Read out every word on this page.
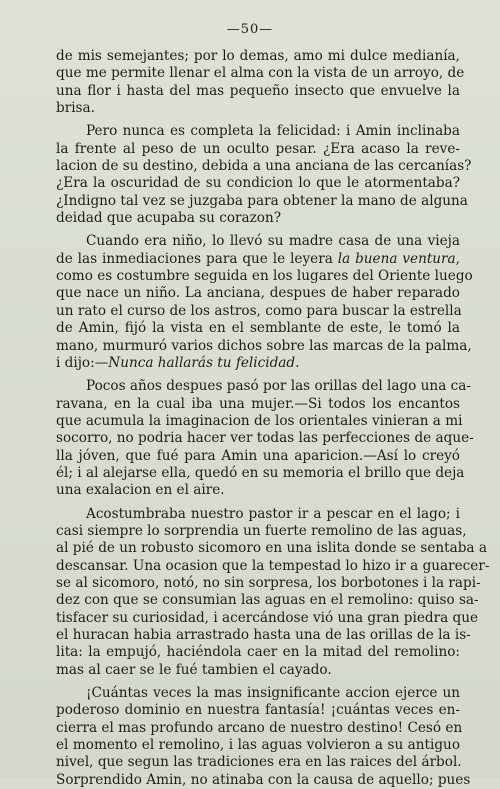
—50—
de mis semejantes; por lo demas, amo mi dulce medianía,
que me permite llenar el alma con la vista de un arroyo, de
una flor i hasta del mas pequeño insecto que envuelve la
brisa.
Pero nunca es completa la felicidad: i Amin inclinaba
la frente al peso de un oculto pesar. ¿Era acaso la reve-
lacion de su destino, debida a una anciana de las cercanías?
¿Era la oscuridad de su condicion lo que le atormentaba?
¿Indigno tal vez se juzgaba para obtener la mano de alguna
deidad que acupaba su corazon?
Cuando era niño, lo llevó su madre casa de una vieja
de las inmediaciones para que le leyera la buena ventura,
como es costumbre seguida en los lugares del Oriente luego
que nace un niño. La anciana, despues de haber reparado
un rato el curso de los astros, como para buscar la estrella
de Amin, fijó la vista en el semblante de este, le tomó la
mano, murmuró varios dichos sobre las marcas de la palma,
i dijo:—Nunca hallarás tu felicidad.
Pocos años despues pasó por las orillas del lago una ca-
ravana, en la cual iba una mujer.—Si todos los encantos
que acumula la imaginacion de los orientales vinieran a mi
socorro, no podria hacer ver todas las perfecciones de aque-
lla jóven, que fué para Amin una aparicion.—Así lo creyó
él; i al alejarse ella, quedó en su memoria el brillo que deja
una exalacion en el aire.
Acostumbraba nuestro pastor ir a pescar en el lago; i
casi siempre lo sorprendia un fuerte remolino de las aguas,
al pié de un robusto sicomoro en una islita donde se sentaba a
descansar. Una ocasion que la tempestad lo hizo ir a guarecer-
se al sicomoro, notó, no sin sorpresa, los borbotones i la rapi-
dez con que se consumian las aguas en el remolino: quiso sa-
tisfacer su curiosidad, i acercándose vió una gran piedra que
el huracan habia arrastrado hasta una de las orillas de la is-
lita: la empujó, haciéndola caer en la mitad del remolino:
mas al caer se le fué tambien el cayado.
¡Cuántas veces la mas insignificante accion ejerce un
poderoso dominio en nuestra fantasía! ¡cuántas veces en-
cierra el mas profundo arcano de nuestro destino! Cesó en
el momento el remolino, i las aguas volvieron a su antiguo
nivel, que segun las tradiciones era en las raices del árbol.
Sorprendido Amin, no atinaba con la causa de aquello; pues
